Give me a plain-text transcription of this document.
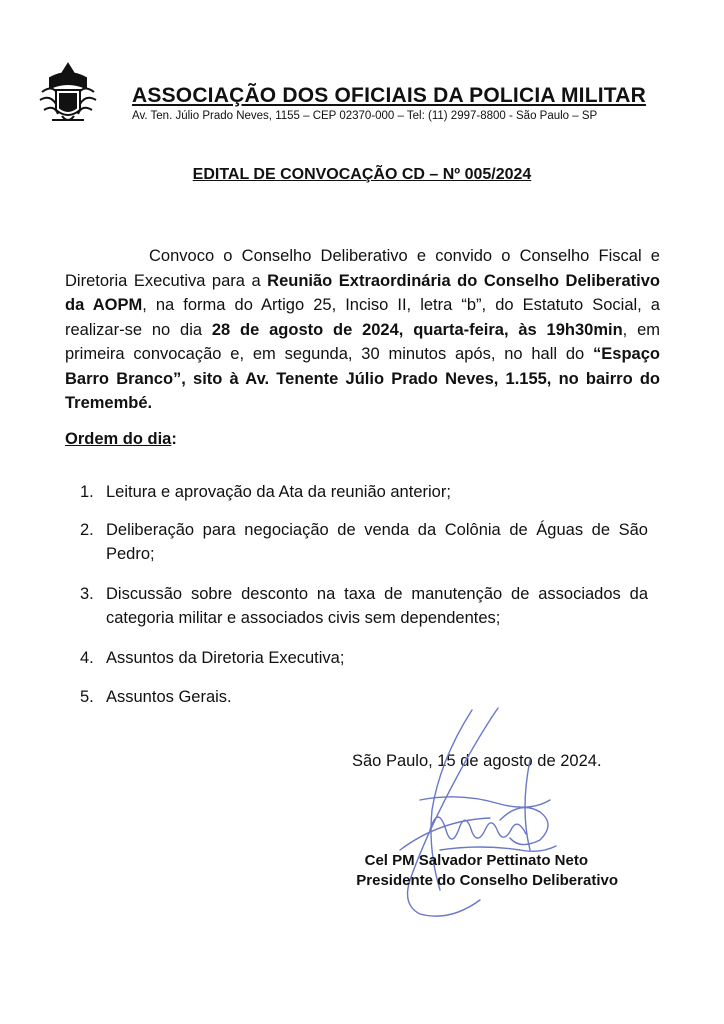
ASSOCIAÇÃO DOS OFICIAIS DA POLICIA MILITAR
Av. Ten. Júlio Prado Neves, 1155 – CEP 02370-000 – Tel: (11) 2997-8800 - São Paulo – SP
EDITAL DE CONVOCAÇÃO CD – Nº 005/2024
Convoco o Conselho Deliberativo e convido o Conselho Fiscal e Diretoria Executiva para a Reunião Extraordinária do Conselho Deliberativo da AOPM, na forma do Artigo 25, Inciso II, letra “b”, do Estatuto Social, a realizar-se no dia 28 de agosto de 2024, quarta-feira, às 19h30min, em primeira convocação e, em segunda, 30 minutos após, no hall do “Espaço Barro Branco”, sito à Av. Tenente Júlio Prado Neves, 1.155, no bairro do Tremembé.
Ordem do dia:
1. Leitura e aprovação da Ata da reunião anterior;
2. Deliberação para negociação de venda da Colônia de Águas de São Pedro;
3. Discussão sobre desconto na taxa de manutenção de associados da categoria militar e associados civis sem dependentes;
4. Assuntos da Diretoria Executiva;
5. Assuntos Gerais.
São Paulo, 15 de agosto de 2024.
Cel PM Salvador Pettinato Neto
Presidente do Conselho Deliberativo
